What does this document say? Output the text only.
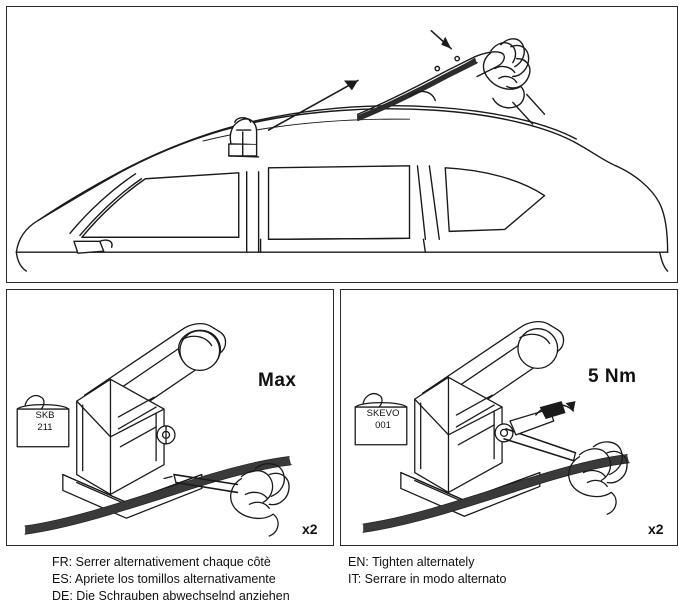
SKB
211
SKEVO
001
Max	5 Nm
x2	x2
FR: Serrer alternativement chaque côtè
ES: Apriete los tomillos alternativamente
DE: Die Schrauben abwechselnd anziehen
EN: Tighten alternately
IT: Serrare in modo alternato
